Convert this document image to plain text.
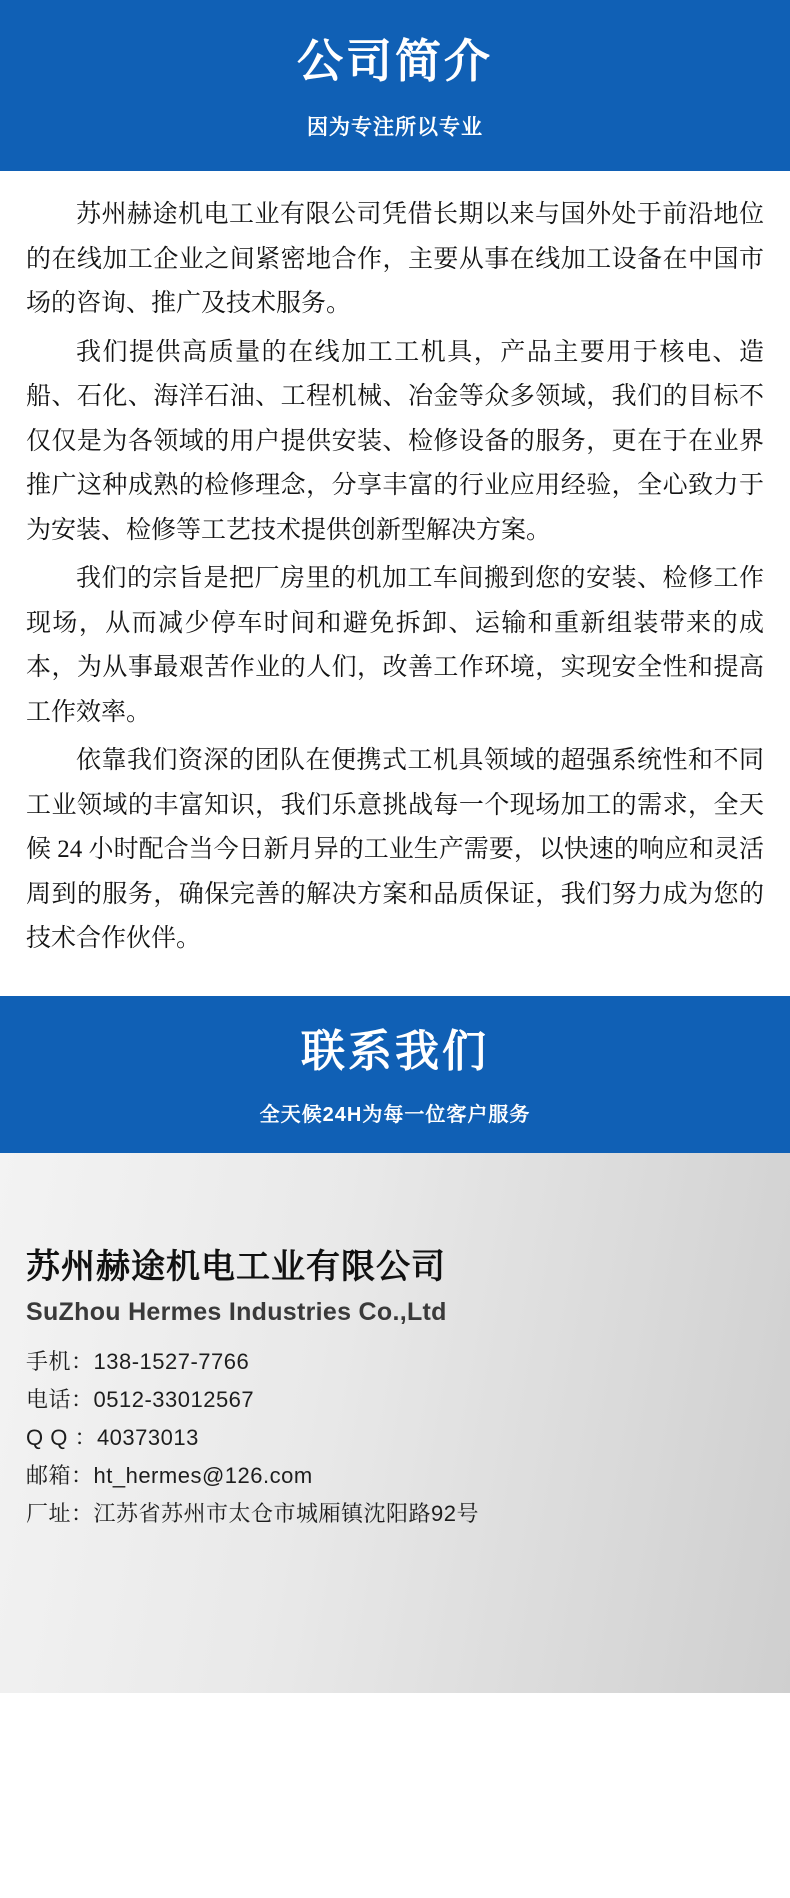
公司简介

因为专注所以专业

苏州赫途机电工业有限公司凭借长期以来与国外处于前沿地位的在线加工企业之间紧密地合作，主要从事在线加工设备在中国市场的咨询、推广及技术服务。

我们提供高质量的在线加工工机具，产品主要用于核电、造船、石化、海洋石油、工程机械、冶金等众多领域，我们的目标不仅仅是为各领域的用户提供安装、检修设备的服务，更在于在业界推广这种成熟的检修理念，分享丰富的行业应用经验，全心致力于为安装、检修等工艺技术提供创新型解决方案。

我们的宗旨是把厂房里的机加工车间搬到您的安装、检修工作现场，从而减少停车时间和避免拆卸、运输和重新组装带来的成本，为从事最艰苦作业的人们，改善工作环境，实现安全性和提高工作效率。

依靠我们资深的团队在便携式工机具领域的超强系统性和不同工业领域的丰富知识，我们乐意挑战每一个现场加工的需求，全天候 24 小时配合当今日新月异的工业生产需要，以快速的响应和灵活周到的服务，确保完善的解决方案和品质保证，我们努力成为您的技术合作伙伴。

联系我们

全天候24H为每一位客户服务

苏州赫途机电工业有限公司
SuZhou Hermes Industries Co.,Ltd
手机：138-1527-7766
电话：0512-33012567
Q Q ：40373013
邮箱：ht_hermes@126.com
厂址：江苏省苏州市太仓市城厢镇沈阳路92号
